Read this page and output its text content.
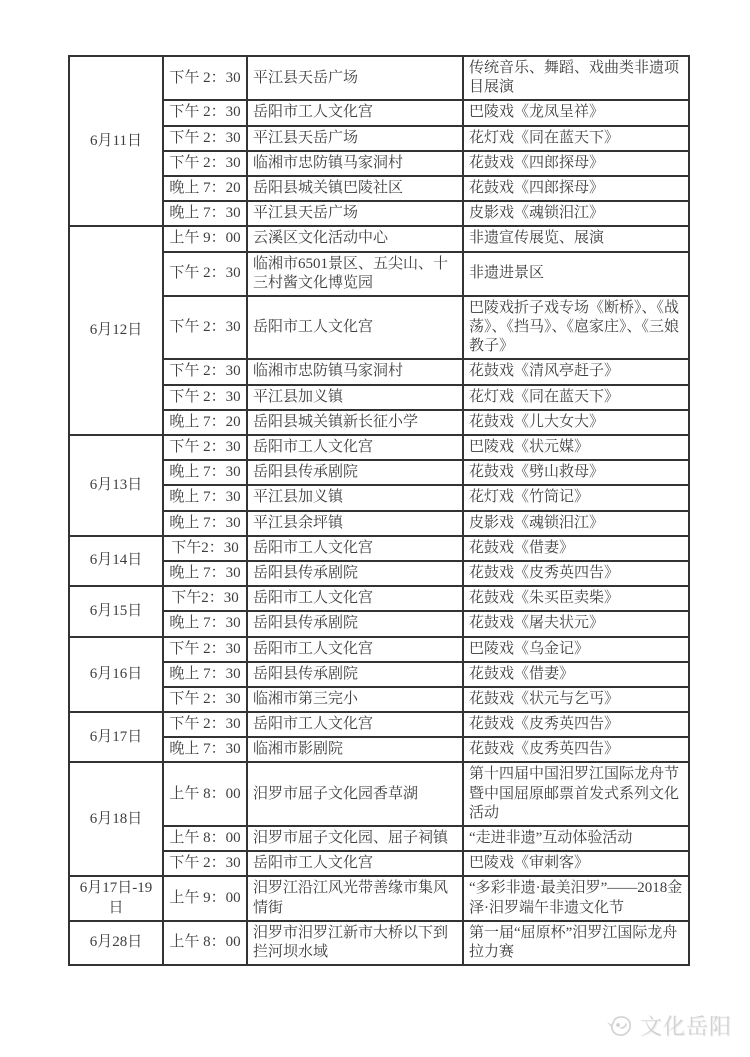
6月11日	下午 2：30	平江县天岳广场	传统音乐、舞蹈、戏曲类非遗项目展演
	下午 2：30	岳阳市工人文化宫	巴陵戏《龙凤呈祥》
	下午 2：30	平江县天岳广场	花灯戏《同在蓝天下》
	下午 2：30	临湘市忠防镇马家洞村	花鼓戏《四郎探母》
	晚上 7：20	岳阳县城关镇巴陵社区	花鼓戏《四郎探母》
	晚上 7：30	平江县天岳广场	皮影戏《魂锁汨江》
6月12日	上午 9：00	云溪区文化活动中心	非遗宣传展览、展演
	下午 2：30	临湘市6501景区、五尖山、十三村酱文化博览园	非遗进景区
	下午 2：30	岳阳市工人文化宫	巴陵戏折子戏专场《断桥》、《战荡》、《挡马》、《扈家庄》、《三娘教子》
	下午 2：30	临湘市忠防镇马家洞村	花鼓戏《清风亭赶子》
	下午 2：30	平江县加义镇	花灯戏《同在蓝天下》
	晚上 7：20	岳阳县城关镇新长征小学	花鼓戏《儿大女大》
6月13日	下午 2：30	岳阳市工人文化宫	巴陵戏《状元媒》
	晚上 7：30	岳阳县传承剧院	花鼓戏《劈山救母》
	晚上 7：30	平江县加义镇	花灯戏《竹筒记》
	晚上 7：30	平江县余坪镇	皮影戏《魂锁汨江》
6月14日	下午2：30	岳阳市工人文化宫	花鼓戏《借妻》
	晚上 7：30	岳阳县传承剧院	花鼓戏《皮秀英四告》
6月15日	下午2：30	岳阳市工人文化宫	花鼓戏《朱买臣卖柴》
	晚上 7：30	岳阳县传承剧院	花鼓戏《屠夫状元》
6月16日	下午 2：30	岳阳市工人文化宫	巴陵戏《乌金记》
	晚上 7：30	岳阳县传承剧院	花鼓戏《借妻》
	下午 2：30	临湘市第三完小	花鼓戏《状元与乞丐》
6月17日	下午 2：30	岳阳市工人文化宫	花鼓戏《皮秀英四告》
	晚上 7：30	临湘市影剧院	花鼓戏《皮秀英四告》
6月18日	上午 8：00	汨罗市屈子文化园香草湖	第十四届中国汨罗江国际龙舟节暨中国屈原邮票首发式系列文化活动
	上午 8：00	汨罗市屈子文化园、屈子祠镇	“走进非遗”互动体验活动
	下午 2：30	岳阳市工人文化宫	巴陵戏《审刺客》
6月17日-19日	上午 9：00	汨罗江沿江风光带善缘市集风情街	“多彩非遗·最美汨罗”——2018金泽·汨罗端午非遗文化节
6月28日	上午 8：00	汨罗市汨罗江新市大桥以下到拦河坝水域	第一届“屈原杯”汨罗江国际龙舟拉力赛
文化岳阳
